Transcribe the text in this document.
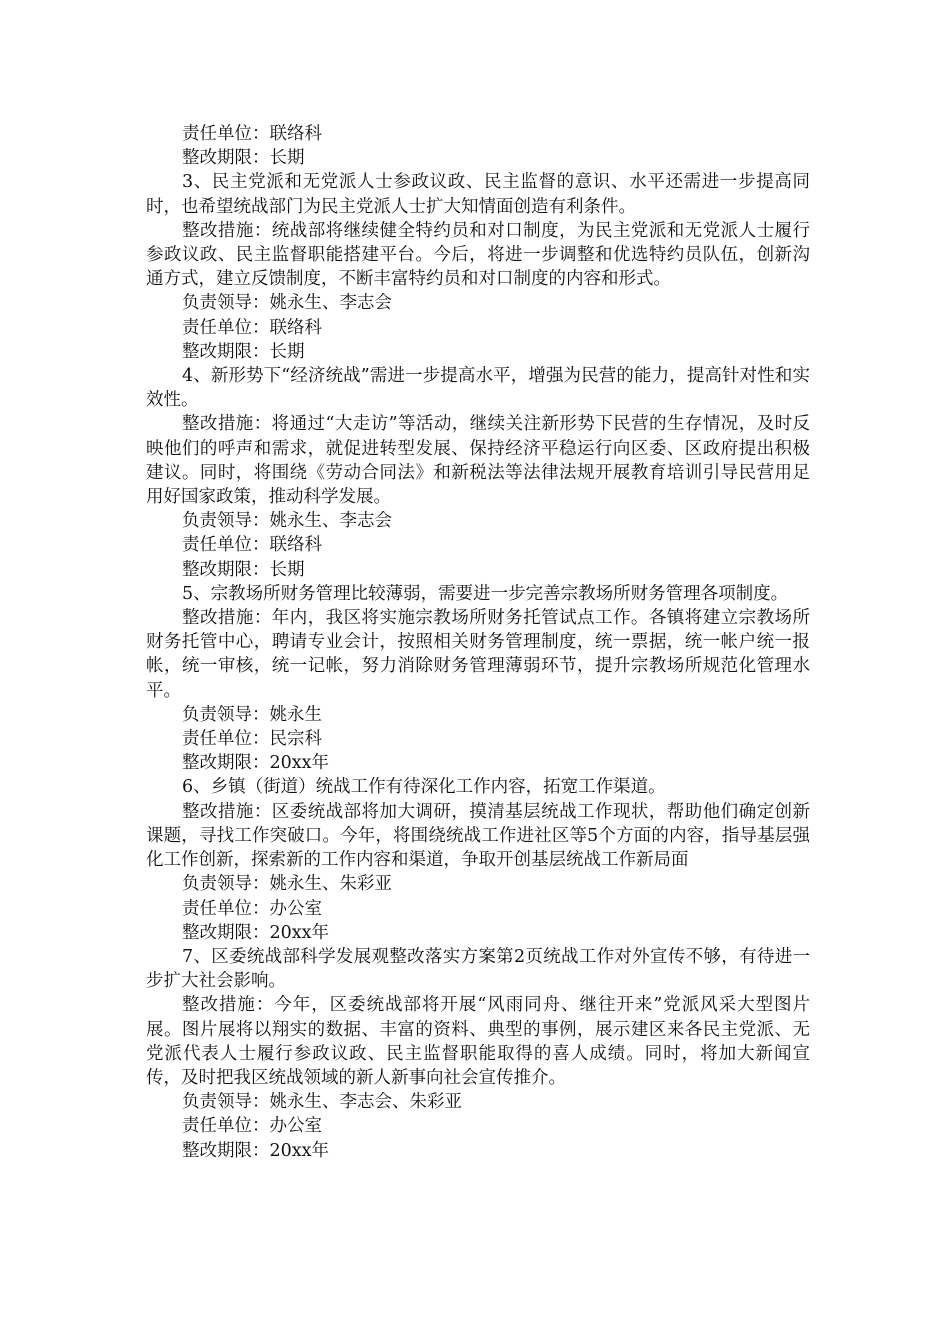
责任单位：联络科

整改期限：长期

3、民主党派和无党派人士参政议政、民主监督的意识、水平还需进一步提高同时，也希望统战部门为民主党派人士扩大知情面创造有利条件。

整改措施：统战部将继续健全特约员和对口制度，为民主党派和无党派人士履行参政议政、民主监督职能搭建平台。今后，将进一步调整和优选特约员队伍，创新沟通方式，建立反馈制度，不断丰富特约员和对口制度的内容和形式。

负责领导：姚永生、李志会

责任单位：联络科

整改期限：长期

4、新形势下“经济统战”需进一步提高水平，增强为民营的能力，提高针对性和实效性。

整改措施：将通过“大走访”等活动，继续关注新形势下民营的生存情况，及时反映他们的呼声和需求，就促进转型发展、保持经济平稳运行向区委、区政府提出积极建议。同时，将围绕《劳动合同法》和新税法等法律法规开展教育培训引导民营用足用好国家政策，推动科学发展。

负责领导：姚永生、李志会

责任单位：联络科

整改期限：长期

5、宗教场所财务管理比较薄弱，需要进一步完善宗教场所财务管理各项制度。

整改措施：年内，我区将实施宗教场所财务托管试点工作。各镇将建立宗教场所财务托管中心，聘请专业会计，按照相关财务管理制度，统一票据，统一帐户统一报帐，统一审核，统一记帐，努力消除财务管理薄弱环节，提升宗教场所规范化管理水平。

负责领导：姚永生

责任单位：民宗科

整改期限：20xx年

6、乡镇（街道）统战工作有待深化工作内容，拓宽工作渠道。

整改措施：区委统战部将加大调研，摸清基层统战工作现状，帮助他们确定创新课题，寻找工作突破口。今年，将围绕统战工作进社区等5个方面的内容，指导基层强化工作创新，探索新的工作内容和渠道，争取开创基层统战工作新局面

负责领导：姚永生、朱彩亚

责任单位：办公室

整改期限：20xx年

7、区委统战部科学发展观整改落实方案第2页统战工作对外宣传不够，有待进一步扩大社会影响。

整改措施：今年，区委统战部将开展“风雨同舟、继往开来”党派风采大型图片展。图片展将以翔实的数据、丰富的资料、典型的事例，展示建区来各民主党派、无党派代表人士履行参政议政、民主监督职能取得的喜人成绩。同时，将加大新闻宣传，及时把我区统战领域的新人新事向社会宣传推介。

负责领导：姚永生、李志会、朱彩亚

责任单位：办公室

整改期限：20xx年
